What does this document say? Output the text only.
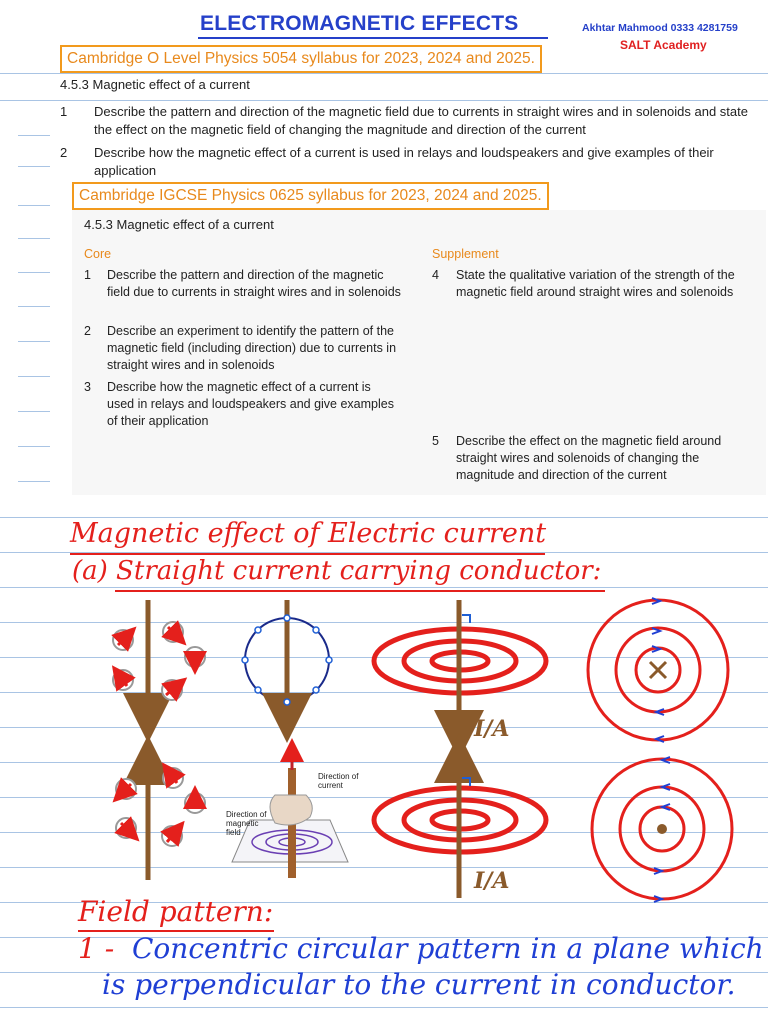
ELECTROMAGNETIC EFFECTS	Akhtar Mahmood 0333 4281759
SALT Academy
Cambridge O Level Physics 5054 syllabus for 2023, 2024 and 2025.
4.5.3 Magnetic effect of a current
1 Describe the pattern and direction of the magnetic field due to currents in straight wires and in solenoids and state the effect on the magnetic field of changing the magnitude and direction of the current
2 Describe how the magnetic effect of a current is used in relays and loudspeakers and give examples of their application
Cambridge IGCSE Physics 0625 syllabus for 2023, 2024 and 2025.
4.5.3 Magnetic effect of a current
Core	Supplement
1 Describe the pattern and direction of the magnetic field due to currents in straight wires and in solenoids
2 Describe an experiment to identify the pattern of the magnetic field (including direction) due to currents in straight wires and in solenoids
3 Describe how the magnetic effect of a current is used in relays and loudspeakers and give examples of their application
4 State the qualitative variation of the strength of the magnetic field around straight wires and solenoids
5 Describe the effect on the magnetic field around straight wires and solenoids of changing the magnitude and direction of the current
Magnetic effect of Electric current
(a) Straight current carrying conductor:
I/A
I/A
Direction of current
Direction of magnetic field
Field pattern:
1 - Concentric circular pattern in a plane which
is perpendicular to the current in conductor.
